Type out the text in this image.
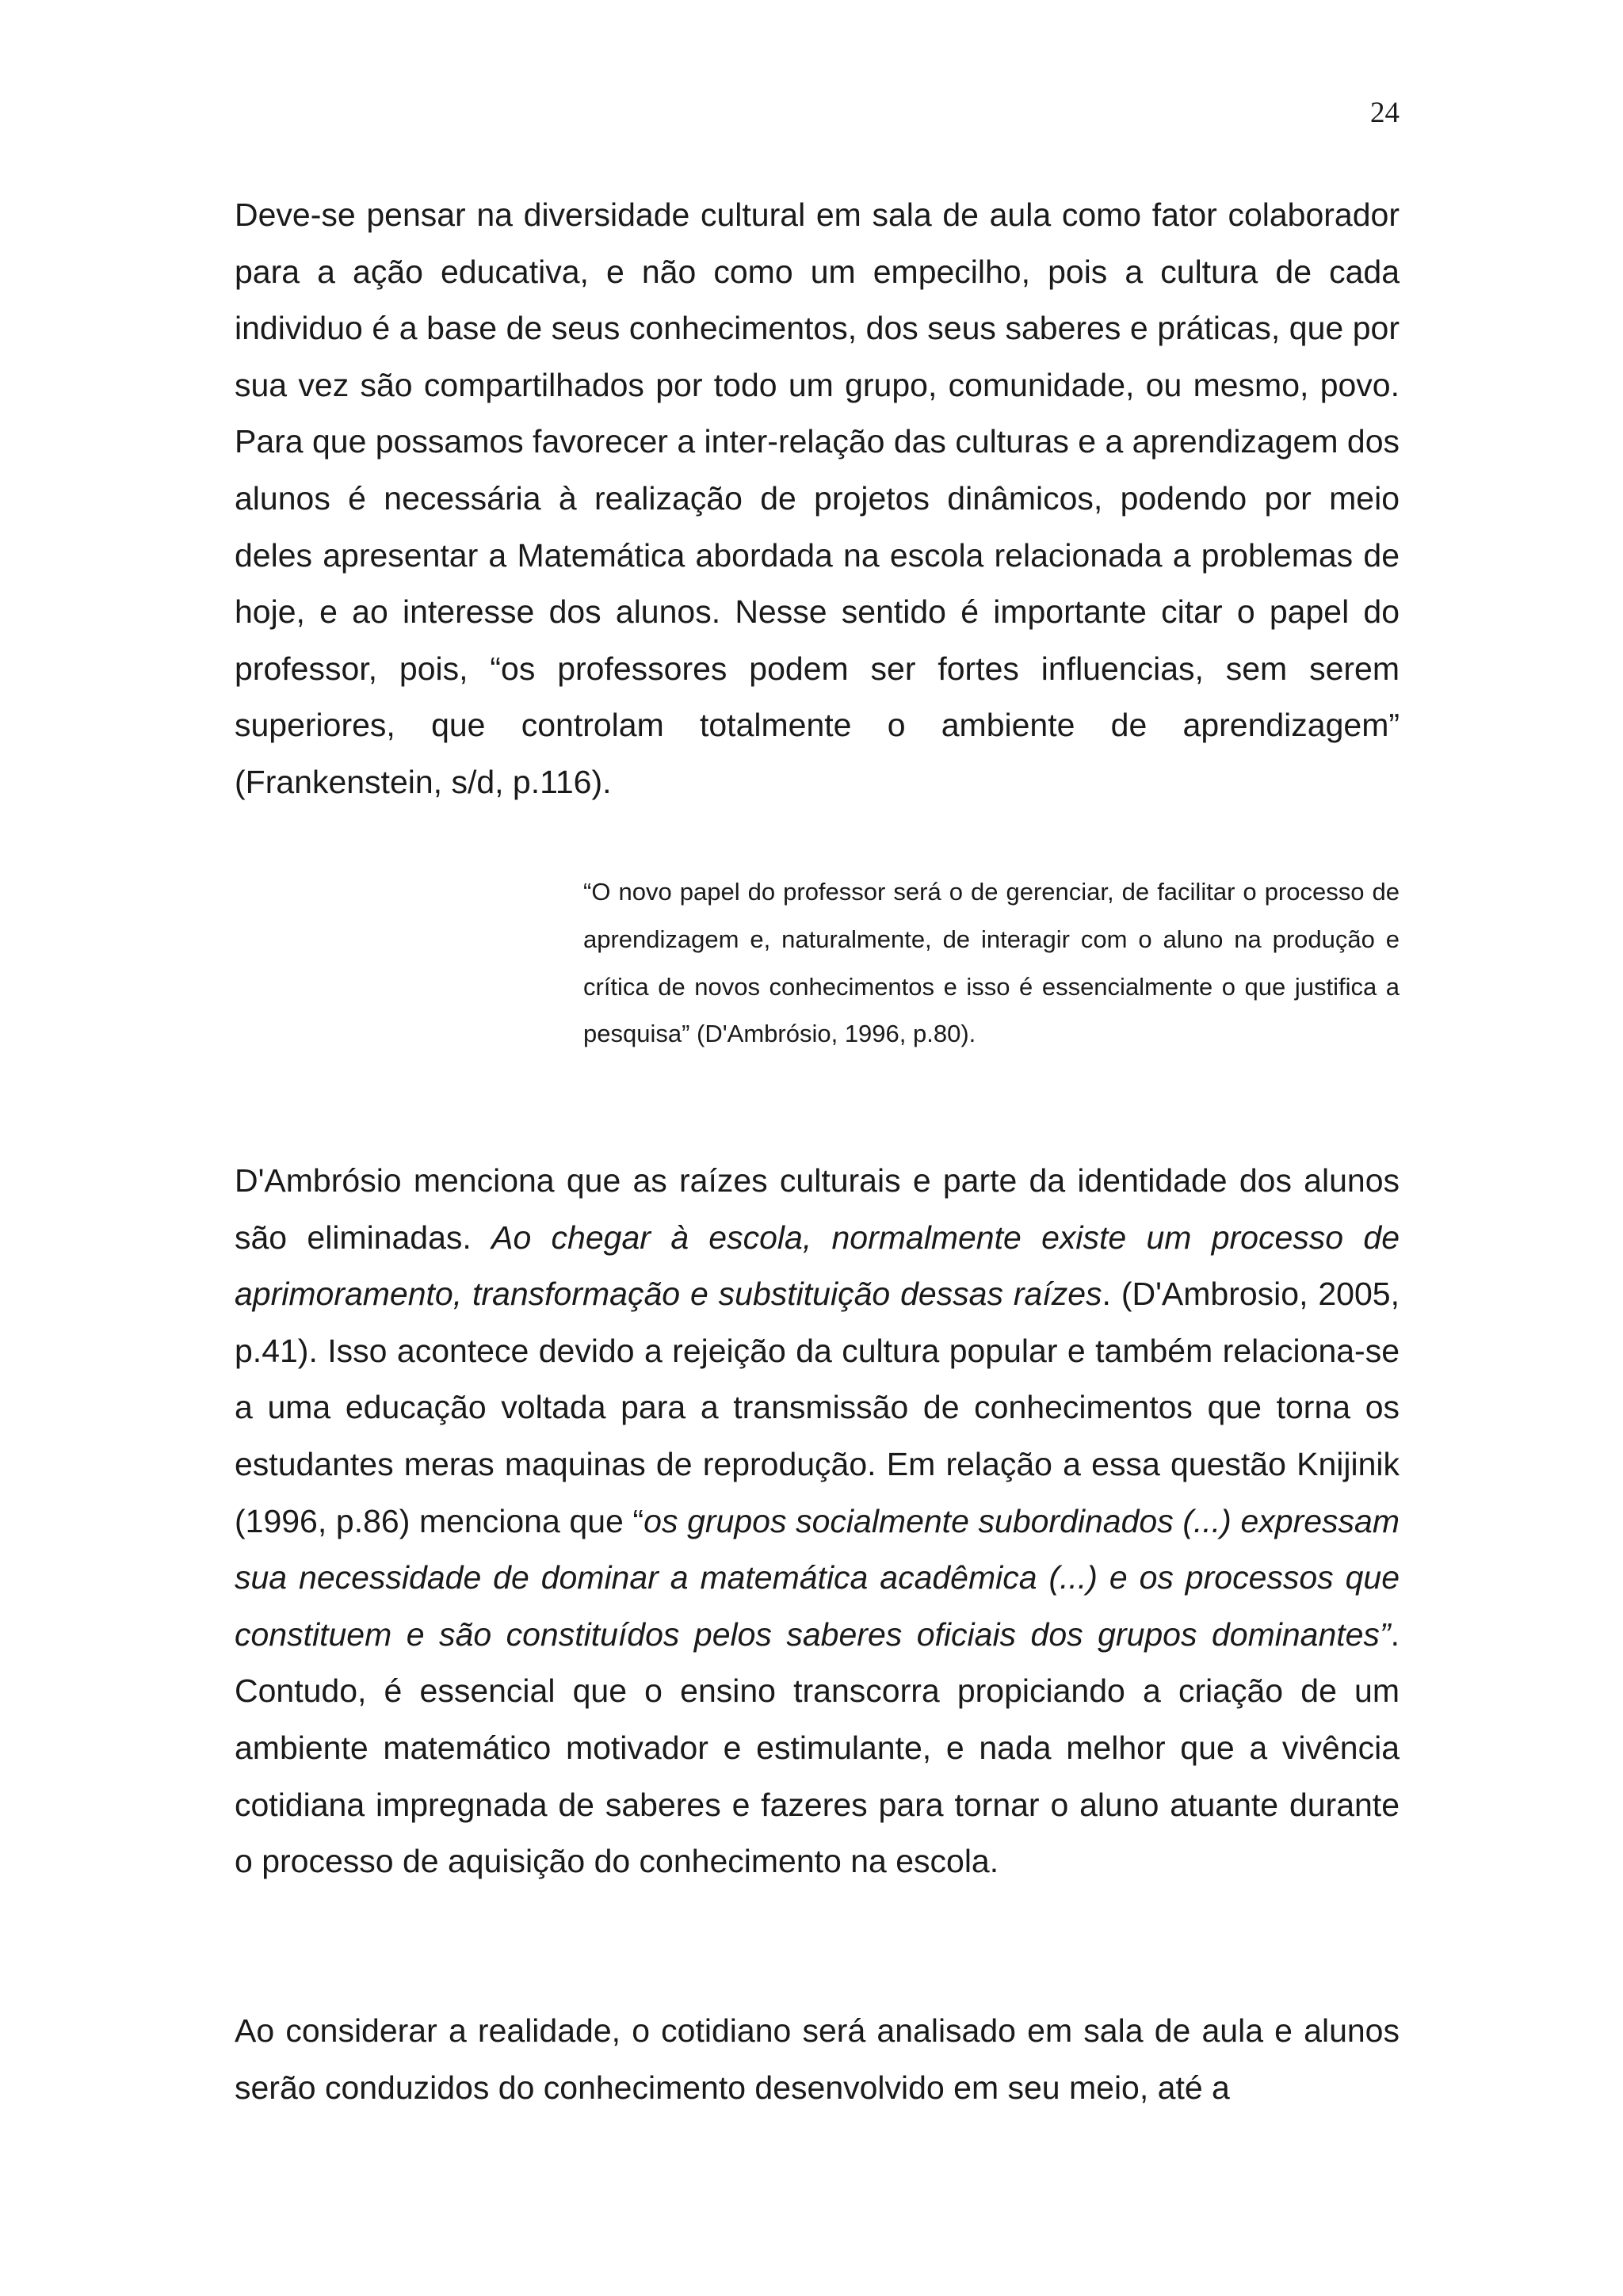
24

Deve-se pensar na diversidade cultural em sala de aula como fator colaborador para a ação educativa, e não como um empecilho, pois a cultura de cada individuo é a base de seus conhecimentos, dos seus saberes e práticas, que por sua vez são compartilhados por todo um grupo, comunidade, ou mesmo, povo. Para que possamos favorecer a inter-relação das culturas e a aprendizagem dos alunos é necessária à realização de projetos dinâmicos, podendo por meio deles apresentar a Matemática abordada na escola relacionada a problemas de hoje, e ao interesse dos alunos. Nesse sentido é importante citar o papel do professor, pois, “os professores podem ser fortes influencias, sem serem superiores, que controlam totalmente o ambiente de aprendizagem” (Frankenstein, s/d, p.116).

“O novo papel do professor será o de gerenciar, de facilitar o processo de aprendizagem e, naturalmente, de interagir com o aluno na produção e crítica de novos conhecimentos e isso é essencialmente o que justifica a pesquisa” (D'Ambrósio, 1996, p.80).

D'Ambrósio menciona que as raízes culturais e parte da identidade dos alunos são eliminadas. Ao chegar à escola, normalmente existe um processo de aprimoramento, transformação e substituição dessas raízes. (D'Ambrosio, 2005, p.41). Isso acontece devido a rejeição da cultura popular e também relaciona-se a uma educação voltada para a transmissão de conhecimentos que torna os estudantes meras maquinas de reprodução. Em relação a essa questão Knijinik (1996, p.86) menciona que “os grupos socialmente subordinados (...) expressam sua necessidade de dominar a matemática acadêmica (...) e os processos que constituem e são constituídos pelos saberes oficiais dos grupos dominantes”. Contudo, é essencial que o ensino transcorra propiciando a criação de um ambiente matemático motivador e estimulante, e nada melhor que a vivência cotidiana impregnada de saberes e fazeres para tornar o aluno atuante durante o processo de aquisição do conhecimento na escola.

Ao considerar a realidade, o cotidiano será analisado em sala de aula e alunos serão conduzidos do conhecimento desenvolvido em seu meio, até a
